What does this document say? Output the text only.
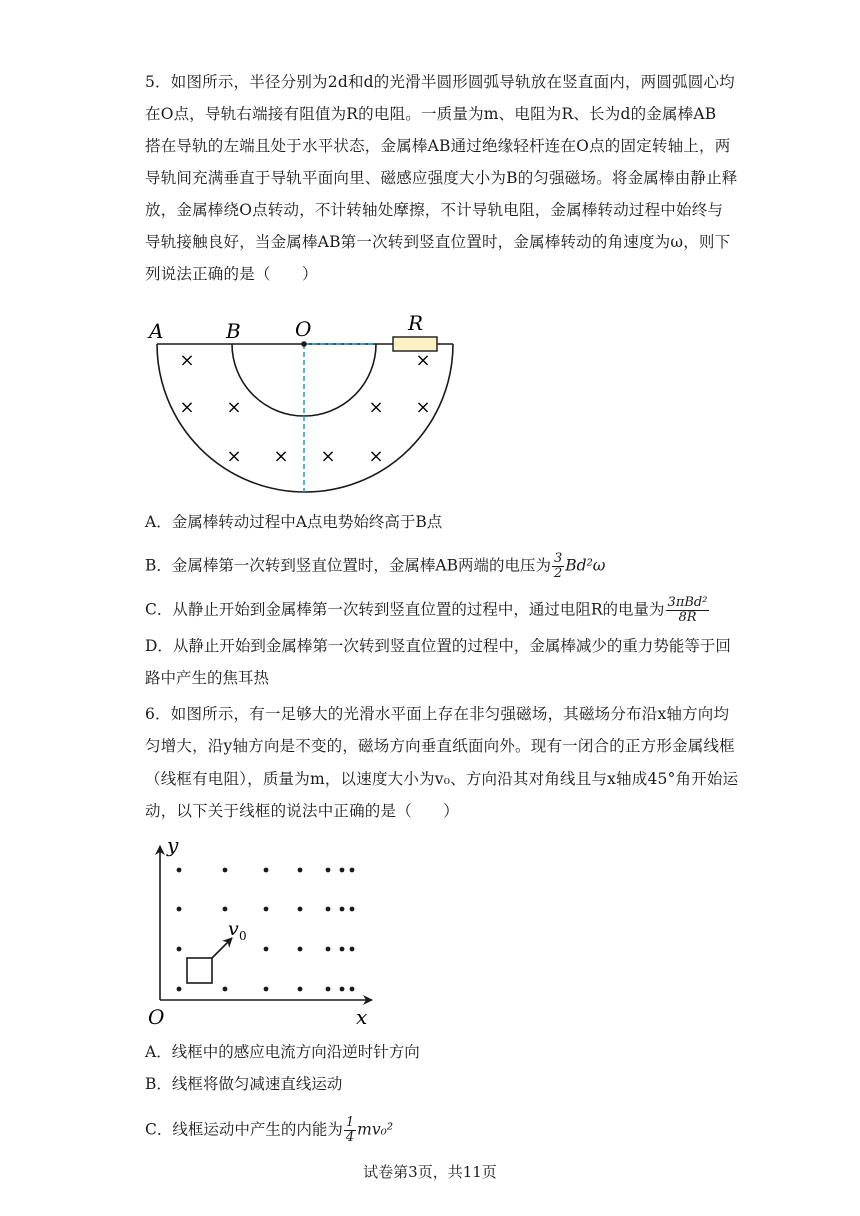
5．如图所示，半径分别为2d和d的光滑半圆形圆弧导轨放在竖直面内，两圆弧圆心均
在O点，导轨右端接有阻值为R的电阻。一质量为m、电阻为R、长为d的金属棒AB
搭在导轨的左端且处于水平状态，金属棒AB通过绝缘轻杆连在O点的固定转轴上，两
导轨间充满垂直于导轨平面向里、磁感应强度大小为B的匀强磁场。将金属棒由静止释
放，金属棒绕O点转动，不计转轴处摩擦，不计导轨电阻，金属棒转动过程中始终与
导轨接触良好，当金属棒AB第一次转到竖直位置时，金属棒转动的角速度为ω，则下
列说法正确的是（　　）
A	B	O	R
×	×
× ×	× ×
× × × ×
A．金属棒转动过程中A点电势始终高于B点
B．金属棒第一次转到竖直位置时，金属棒AB两端的电压为 $\frac{3}{2} Bd^2\omega$
C．从静止开始到金属棒第一次转到竖直位置的过程中，通过电阻R的电量为 $\frac{\text{3πBd²}}{8R}$
D．从静止开始到金属棒第一次转到竖直位置的过程中，金属棒减少的重力势能等于回
路中产生的焦耳热
6．如图所示，有一足够大的光滑水平面上存在非匀强磁场，其磁场分布沿x轴方向均
匀增大，沿y轴方向是不变的，磁场方向垂直纸面向外。现有一闭合的正方形金属线框
（线框有电阻），质量为m，以速度大小为v₀、方向沿其对角线且与x轴成45°角开始运
动，以下关于线框的说法中正确的是（　　）
y
x
O
v 0
A．线框中的感应电流方向沿逆时针方向
B．线框将做匀减速直线运动
C．线框运动中产生的内能为 $\frac{1}{4} mv_0^2$
试卷第3页，共11页
